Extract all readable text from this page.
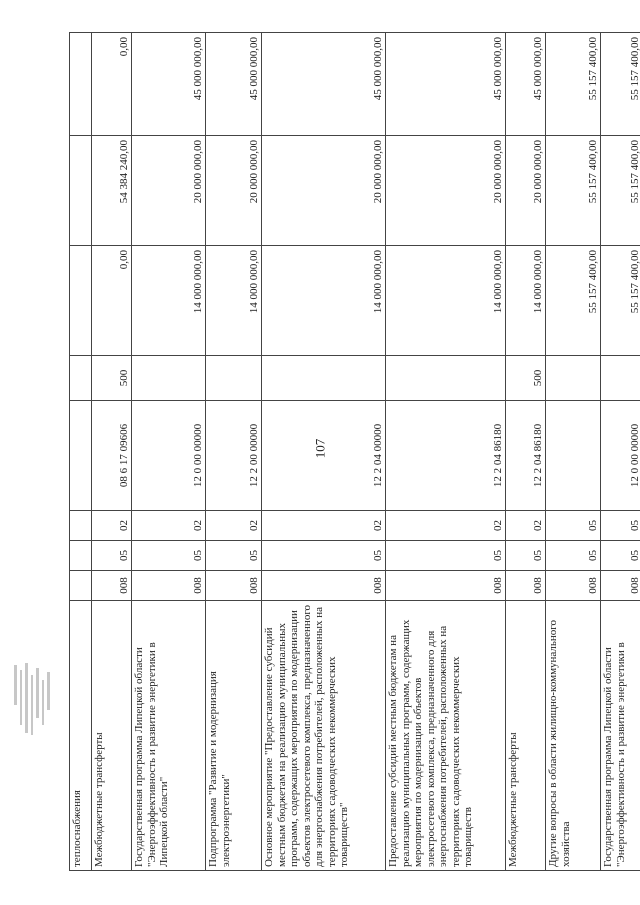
107
теплоснабжения								
Межбюджетные трансферты	008	05	02	08 6 17 09606	500	0,00	54 384 240,00	0,00
Государственная программа Липецкой области "Энергоэффективность и развитие энергетики в Липецкой области"	008	05	02	12 0 00 00000		14 000 000,00	20 000 000,00	45 000 000,00
Подпрограмма "Развитие и модернизация электроэнергетики"	008	05	02	12 2 00 00000		14 000 000,00	20 000 000,00	45 000 000,00
Основное мероприятие "Предоставление субсидий местным бюджетам на реализацию муниципальных программ, содержащих мероприятия по модернизации объектов электросетевого комплекса, предназначенного для энергоснабжения потребителей, расположенных на территориях садоводческих некоммерческих товариществ"	008	05	02	12 2 04 00000		14 000 000,00	20 000 000,00	45 000 000,00
Предоставление субсидий местным бюджетам на реализацию муниципальных программ, содержащих мероприятия по модернизации объектов электросетевого комплекса, предназначенного для энергоснабжения потребителей, расположенных на территориях садоводческих некоммерческих товариществ	008	05	02	12 2 04 86180		14 000 000,00	20 000 000,00	45 000 000,00
Межбюджетные трансферты	008	05	02	12 2 04 86180	500	14 000 000,00	20 000 000,00	45 000 000,00
Другие вопросы в области жилищно-коммунального хозяйства	008	05	05			55 157 400,00	55 157 400,00	55 157 400,00
Государственная программа Липецкой области "Энергоэффективность и развитие энергетики в	008	05	05	12 0 00 00000		55 157 400,00	55 157 400,00	55 157 400,00
